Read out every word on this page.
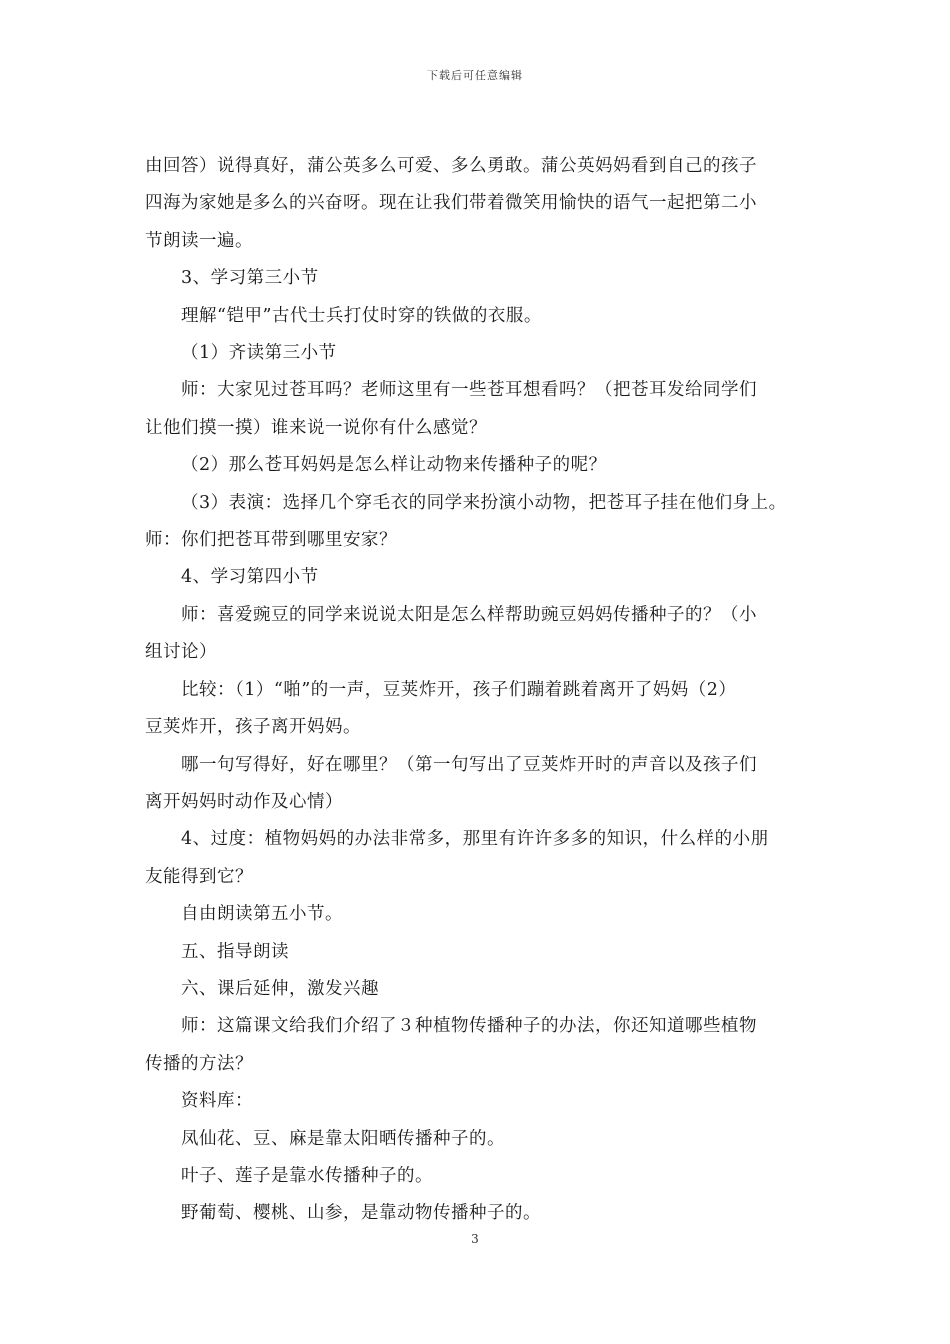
下载后可任意编辑

由回答）说得真好，蒲公英多么可爱、多么勇敢。蒲公英妈妈看到自己的孩子

四海为家她是多么的兴奋呀。现在让我们带着微笑用愉快的语气一起把第二小

节朗读一遍。

3、学习第三小节

理解“铠甲”古代士兵打仗时穿的铁做的衣服。

（1）齐读第三小节

师：大家见过苍耳吗？老师这里有一些苍耳想看吗？（把苍耳发给同学们

让他们摸一摸）谁来说一说你有什么感觉？

（2）那么苍耳妈妈是怎么样让动物来传播种子的呢？

（3）表演：选择几个穿毛衣的同学来扮演小动物，把苍耳子挂在他们身上。

师：你们把苍耳带到哪里安家？

4、学习第四小节

师：喜爱豌豆的同学来说说太阳是怎么样帮助豌豆妈妈传播种子的？（小

组讨论）

比较：（1）“啪”的一声，豆荚炸开，孩子们蹦着跳着离开了妈妈（2）

豆荚炸开，孩子离开妈妈。

哪一句写得好，好在哪里？（第一句写出了豆荚炸开时的声音以及孩子们

离开妈妈时动作及心情）

4、过度：植物妈妈的办法非常多，那里有许许多多的知识，什么样的小朋

友能得到它？

自由朗读第五小节。

五、指导朗读

六、课后延伸，激发兴趣

师：这篇课文给我们介绍了３种植物传播种子的办法，你还知道哪些植物

传播的方法？

资料库：

凤仙花、豆、麻是靠太阳晒传播种子的。

叶子、莲子是靠水传播种子的。

野葡萄、樱桃、山参，是靠动物传播种子的。

3
